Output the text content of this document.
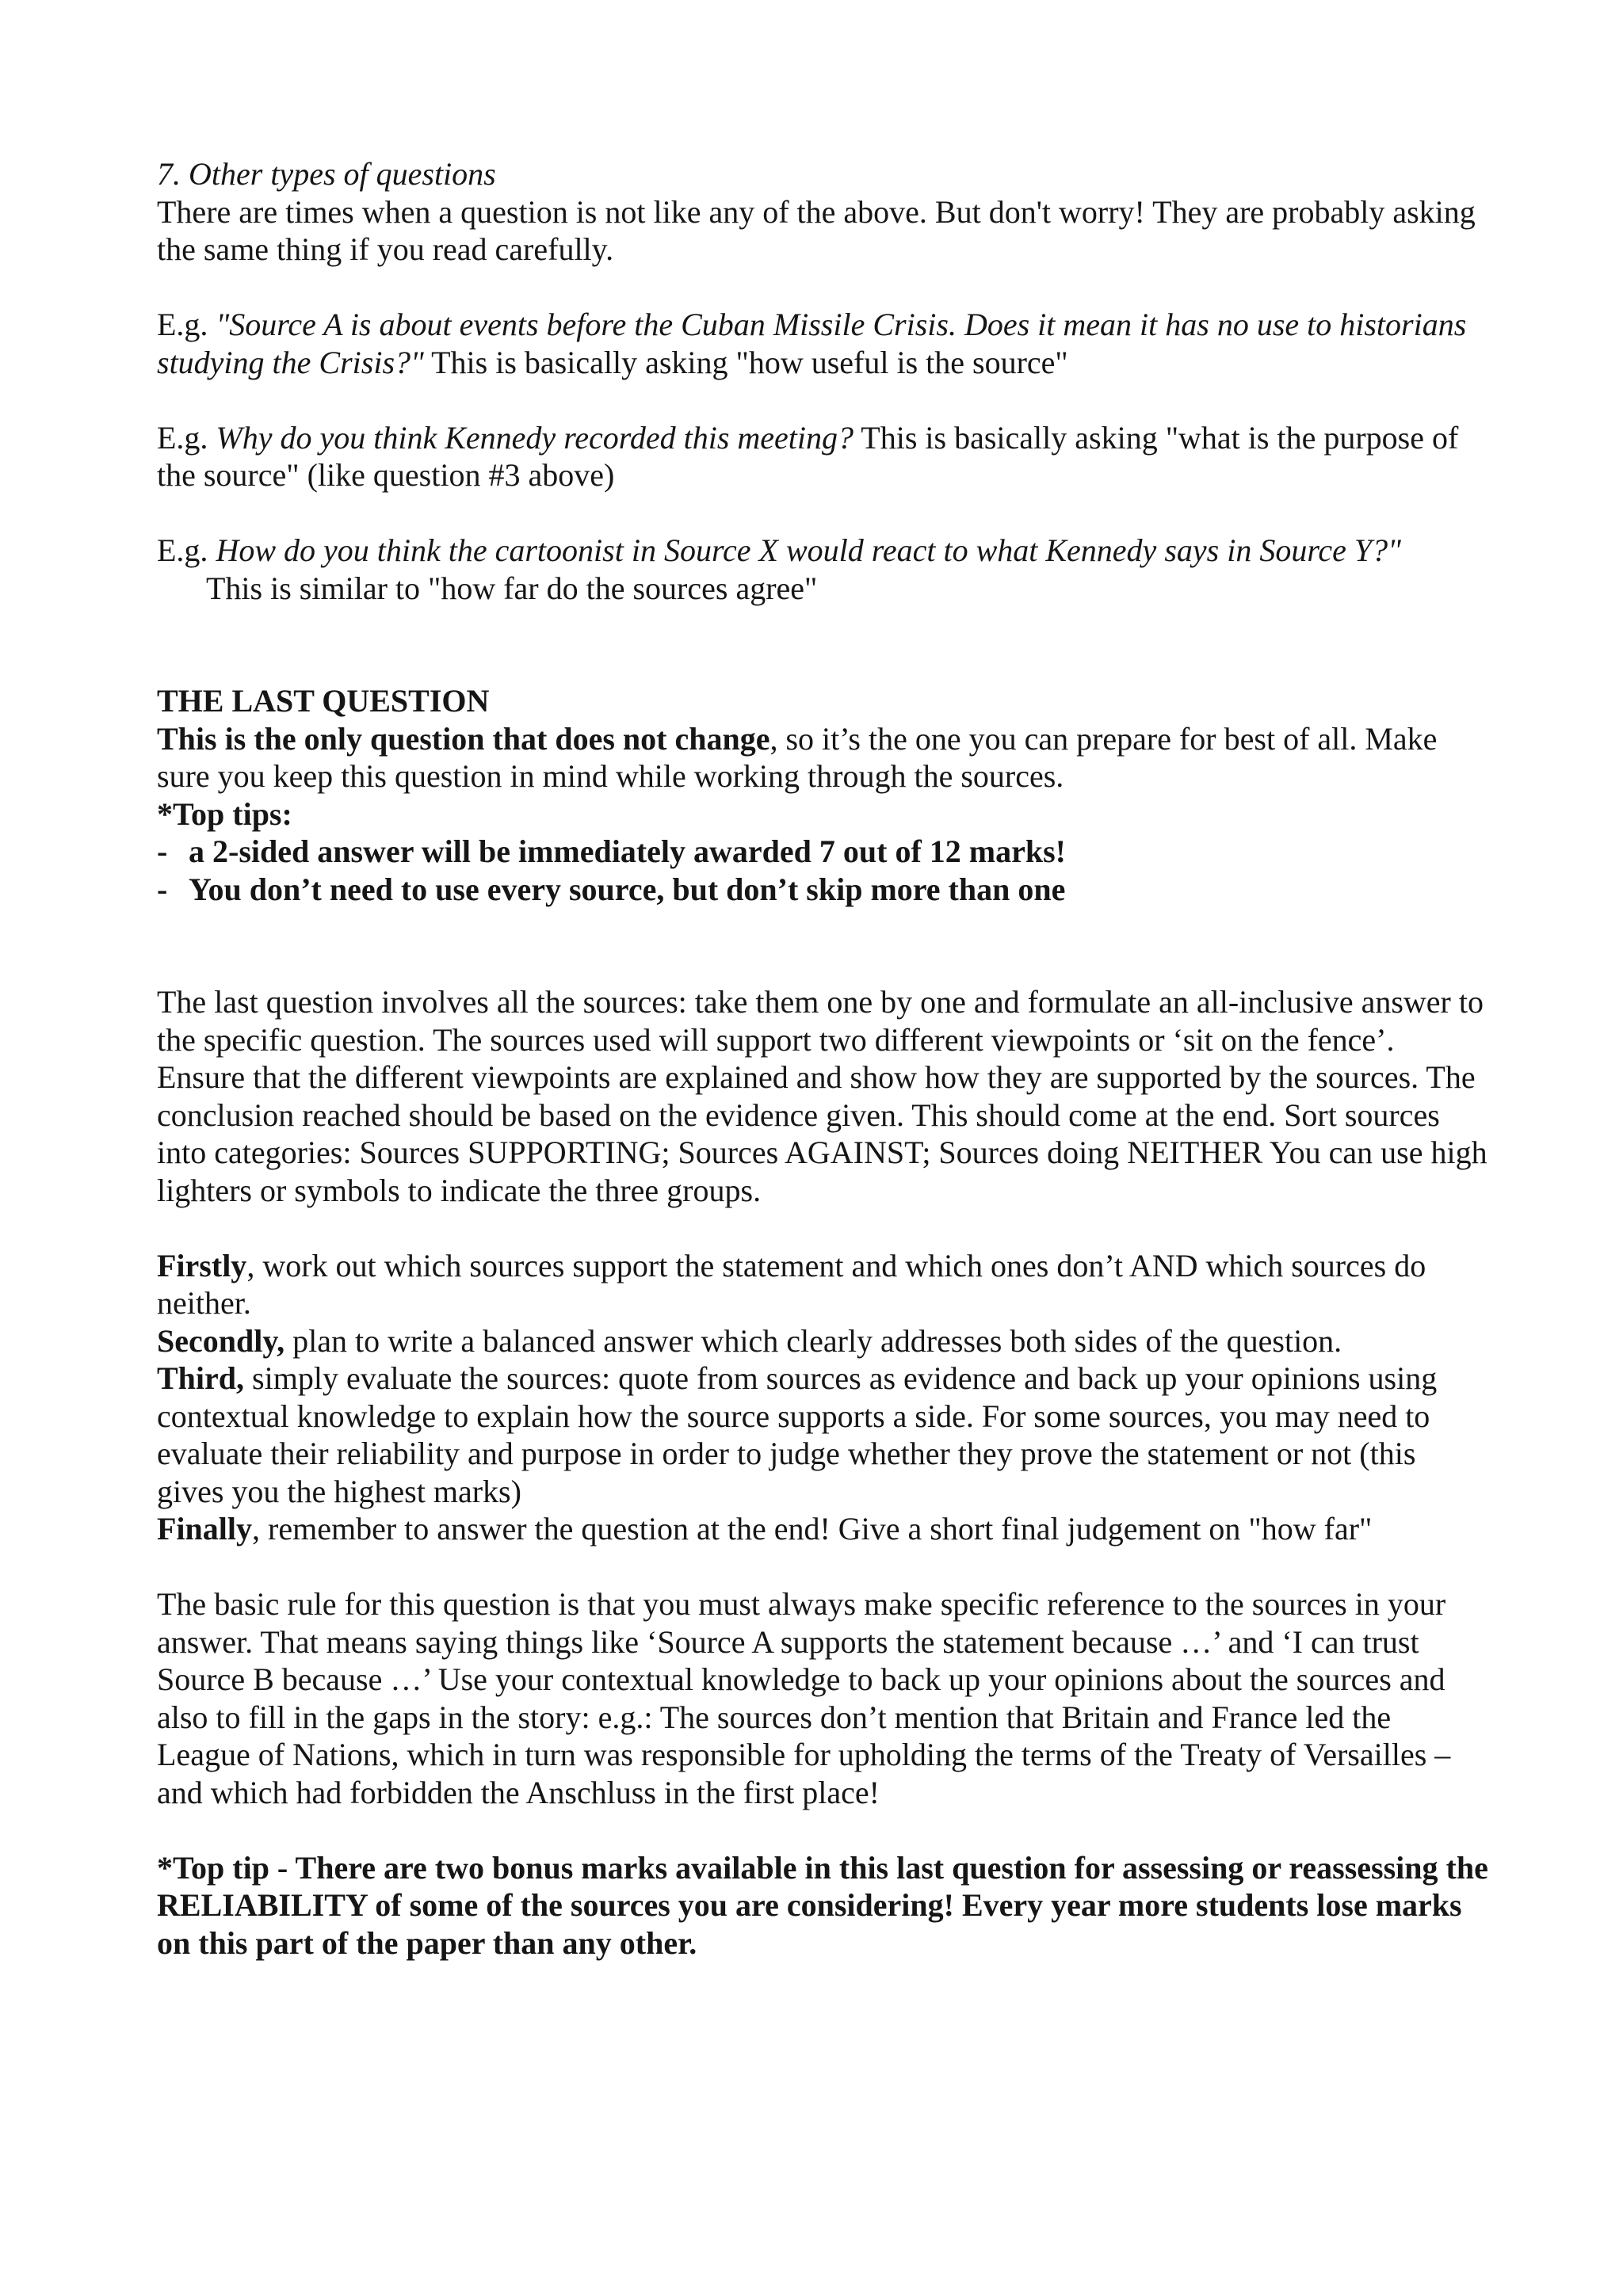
7. Other types of questions

There are times when a question is not like any of the above. But don't worry! They are probably asking the same thing if you read carefully.

E.g. "Source A is about events before the Cuban Missile Crisis. Does it mean it has no use to historians studying the Crisis?" This is basically asking "how useful is the source"

E.g. Why do you think Kennedy recorded this meeting? This is basically asking "what is the purpose of the source" (like question #3 above)

E.g. How do you think the cartoonist in Source X would react to what Kennedy says in Source Y?"

This is similar to "how far do the sources agree"

THE LAST QUESTION

This is the only question that does not change, so it’s the one you can prepare for best of all. Make sure you keep this question in mind while working through the sources.

*Top tips:

- a 2-sided answer will be immediately awarded 7 out of 12 marks!

- You don’t need to use every source, but don’t skip more than one

The last question involves all the sources: take them one by one and formulate an all-inclusive answer to the specific question. The sources used will support two different viewpoints or ‘sit on the fence’. Ensure that the different viewpoints are explained and show how they are supported by the sources. The conclusion reached should be based on the evidence given. This should come at the end. Sort sources into categories: Sources SUPPORTING; Sources AGAINST; Sources doing NEITHER You can use high lighters or symbols to indicate the three groups.

Firstly, work out which sources support the statement and which ones don’t AND which sources do neither.

Secondly, plan to write a balanced answer which clearly addresses both sides of the question.

Third, simply evaluate the sources: quote from sources as evidence and back up your opinions using contextual knowledge to explain how the source supports a side. For some sources, you may need to evaluate their reliability and purpose in order to judge whether they prove the statement or not (this gives you the highest marks)

Finally, remember to answer the question at the end! Give a short final judgement on "how far"

The basic rule for this question is that you must always make specific reference to the sources in your answer. That means saying things like ‘Source A supports the statement because …’ and ‘I can trust Source B because …’ Use your contextual knowledge to back up your opinions about the sources and also to fill in the gaps in the story: e.g.: The sources don’t mention that Britain and France led the League of Nations, which in turn was responsible for upholding the terms of the Treaty of Versailles – and which had forbidden the Anschluss in the first place!

*Top tip - There are two bonus marks available in this last question for assessing or reassessing the RELIABILITY of some of the sources you are considering! Every year more students lose marks on this part of the paper than any other.
